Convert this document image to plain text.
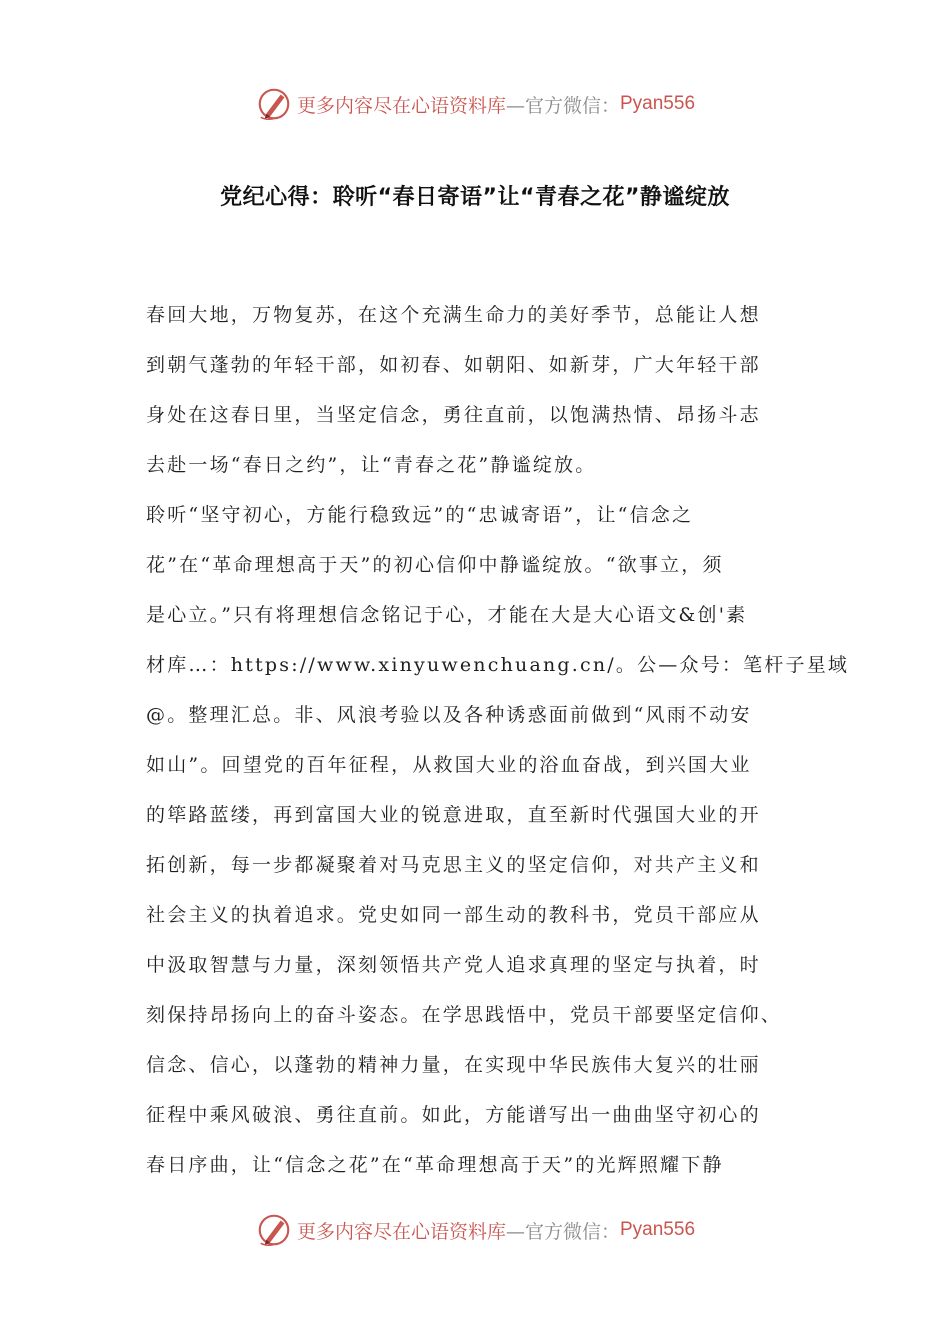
更多内容尽在心语资料库 —官方微信： Pyan556
党纪心得：聆听“春日寄语”让“青春之花”静谧绽放
春回大地，万物复苏，在这个充满生命力的美好季节，总能让人想
到朝气蓬勃的年轻干部，如初春、如朝阳、如新芽，广大年轻干部
身处在这春日里，当坚定信念，勇往直前，以饱满热情、昂扬斗志
去赴一场“春日之约”，让“青春之花”静谧绽放。
聆听“坚守初心，方能行稳致远”的“忠诚寄语”，让“信念之
花”在“革命理想高于天”的初心信仰中静谧绽放。“欲事立，须
是心立。”只有将理想信念铭记于心，才能在大是大心语文&创'素
材库…：https://www.xinyuwenchuang.cn/。公—众号：笔杆子星域
@。整理汇总。非、风浪考验以及各种诱惑面前做到“风雨不动安
如山”。回望党的百年征程，从救国大业的浴血奋战，到兴国大业
的筚路蓝缕，再到富国大业的锐意进取，直至新时代强国大业的开
拓创新，每一步都凝聚着对马克思主义的坚定信仰，对共产主义和
社会主义的执着追求。党史如同一部生动的教科书，党员干部应从
中汲取智慧与力量，深刻领悟共产党人追求真理的坚定与执着，时
刻保持昂扬向上的奋斗姿态。在学思践悟中，党员干部要坚定信仰、
信念、信心，以蓬勃的精神力量，在实现中华民族伟大复兴的壮丽
征程中乘风破浪、勇往直前。如此，方能谱写出一曲曲坚守初心的
春日序曲，让“信念之花”在“革命理想高于天”的光辉照耀下静
更多内容尽在心语资料库 —官方微信： Pyan556
